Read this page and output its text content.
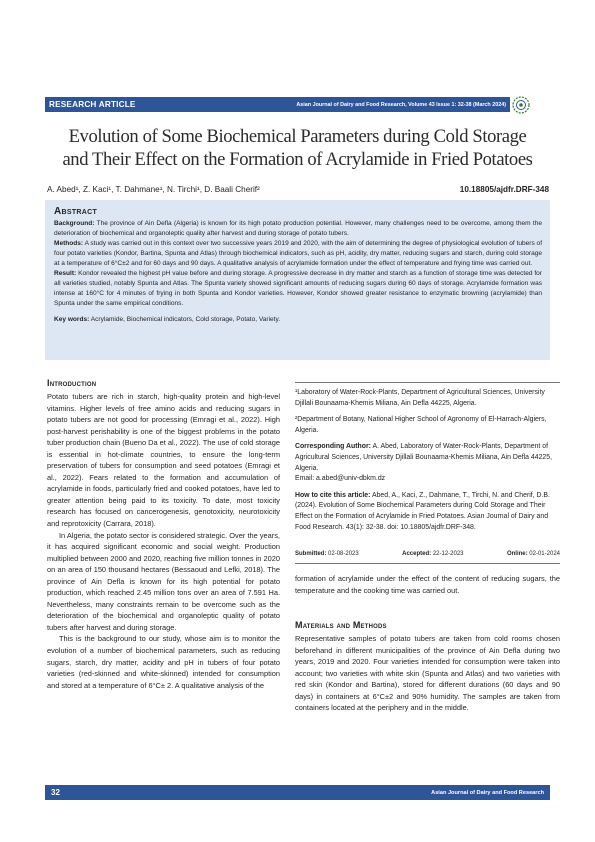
RESEARCH ARTICLE	Asian Journal of Dairy and Food Research, Volume 43 Issue 1: 32-38 (March 2024)
Evolution of Some Biochemical Parameters during Cold Storage
and Their Effect on the Formation of Acrylamide in Fried Potatoes
A. Abed¹, Z. Kaci¹, T. Dahmane¹, N. Tirchi¹, D. Baali Cherif²	10.18805/ajdfr.DRF-348
Abstract

Background: The province of Ain Defla (Algeria) is known for its high potato production potential. However, many challenges need to be overcome, among them the deterioration of biochemical and organoleptic quality after harvest and during storage of potato tubers.

Methods: A study was carried out in this context over two successive years 2019 and 2020, with the aim of determining the degree of physiological evolution of tubers of four potato varieties (Kondor, Bartina, Spunta and Atlas) through biochemical indicators, such as pH, acidity, dry matter, reducing sugars and starch, during cold storage at a temperature of 6°C±2 and for 60 days and 90 days. A qualitative analysis of acrylamide formation under the effect of temperature and frying time was carried out.

Result: Kondor revealed the highest pH value before and during storage. A progressive decrease in dry matter and starch as a function of storage time was detected for all varieties studied, notably Spunta and Atlas. The Spunta variety showed significant amounts of reducing sugars during 60 days of storage. Acrylamide formation was intense at 160°C for 4 minutes of frying in both Spunta and Kondor varieties. However, Kondor showed greater resistance to enzymatic browning (acrylamide) than Spunta under the same empirical conditions.

Key words: Acrylamide, Biochemical indicators, Cold storage, Potato, Variety.

Introduction

Potato tubers are rich in starch, high-quality protein and high-level vitamins. Higher levels of free amino acids and reducing sugars in potato tubers are not good for processing (Emragi et al., 2022). High post-harvest perishability is one of the biggest problems in the potato tuber production chain (Bueno Da et al., 2022). The use of cold storage is essential in hot-climate countries, to ensure the long-term preservation of tubers for consumption and seed potatoes (Emragi et al., 2022). Fears related to the formation and accumulation of acrylamide in foods, particularly fried and cooked potatoes, have led to greater attention being paid to its toxicity. To date, most toxicity research has focused on cancerogenesis, genotoxicity, neurotoxicity and reprotoxicity (Carrara, 2018).

In Algeria, the potato sector is considered strategic. Over the years, it has acquired significant economic and social weight. Production multiplied between 2000 and 2020, reaching five million tonnes in 2020 on an area of 150 thousand hectares (Bessaoud and Lefki, 2018). The province of Ain Defla is known for its high potential for potato production, which reached 2.45 million tons over an area of 7.591 Ha. Nevertheless, many constraints remain to be overcome such as the deterioration of the biochemical and organoleptic quality of potato tubers after harvest and during storage.

This is the background to our study, whose aim is to monitor the evolution of a number of biochemical parameters, such as reducing sugars, starch, dry matter, acidity and pH in tubers of four potato varieties (red-skinned and white-skinned) intended for consumption and stored at a temperature of 6°C± 2. A qualitative analysis of the

¹Laboratory of Water-Rock-Plants, Department of Agricultural Sciences, University Djillali Bounaama-Khemis Miliana, Ain Defla 44225, Algeria.

²Department of Botany, National Higher School of Agronomy of El-Harrach-Algiers, Algeria.

Corresponding Author: A. Abed, Laboratory of Water-Rock-Plants, Department of Agricultural Sciences, University Djillali Bounaama-Khemis Miliana, Ain Defla 44225, Algeria.
Email: a.abed@univ-dbkm.dz

How to cite this article: Abed, A., Kaci, Z., Dahmane, T., Tirchi, N. and Cherif, D.B. (2024). Evolution of Some Biochemical Parameters during Cold Storage and Their Effect on the Formation of Acrylamide in Fried Potatoes. Asian Journal of Dairy and Food Research. 43(1): 32-38. doi: 10.18805/ajdfr.DRF-348.

Submitted: 02-08-2023	Accepted: 22-12-2023	Online: 02-01-2024
formation of acrylamide under the effect of the content of reducing sugars, the temperature and the cooking time was carried out.
Materials and Methods
Representative samples of potato tubers are taken from cold rooms chosen beforehand in different municipalities of the province of Ain Defla during two years, 2019 and 2020. Four varieties intended for consumption were taken into account; two varieties with white skin (Spunta and Atlas) and two varieties with red skin (Kondor and Bartina), stored for different durations (60 days and 90 days) in containers at 6°C±2 and 90% humidity. The samples are taken from containers located at the periphery and in the middle.
32	Asian Journal of Dairy and Food Research
